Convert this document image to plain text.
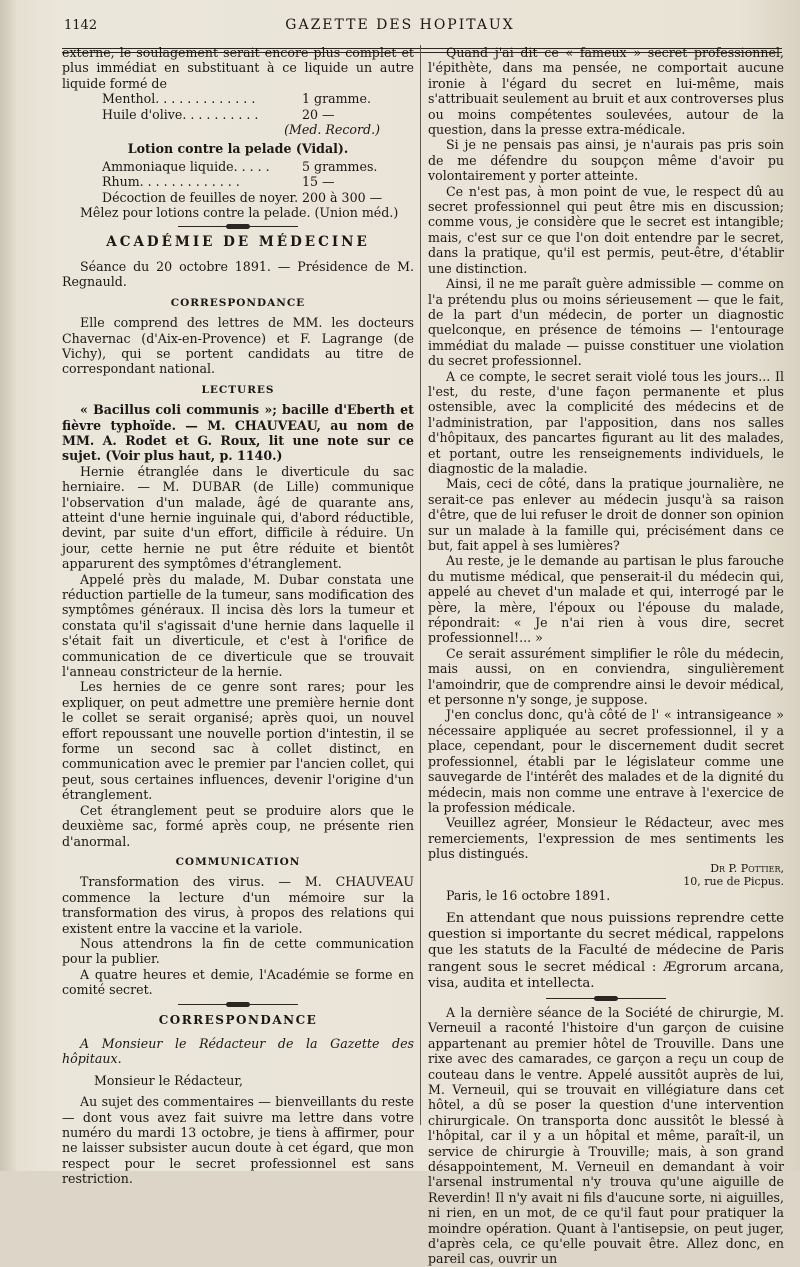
1142	GAZETTE DES HOPITAUX

externe, le soulagement serait encore plus complet et plus immédiat en substituant à ce liquide un autre liquide formé de

Menthol. . . . . . . . . . . . .	1 gramme.
Huile d'olive. . . . . . . . . .	20 —

(Med. Record.)

Lotion contre la pelade (Vidal).

Ammoniaque liquide. . . . .	5 grammes.
Rhum. . . . . . . . . . . . .	15 —
Décoction de feuilles de noyer. 200 à 300 —

Mêlez pour lotions contre la pelade. (Union méd.)

ACADÉMIE DE MÉDECINE

Séance du 20 octobre 1891. — Présidence de M. Regnauld.

CORRESPONDANCE

Elle comprend des lettres de MM. les docteurs Chavernac (d'Aix-en-Provence) et F. Lagrange (de Vichy), qui se portent candidats au titre de correspondant national.

LECTURES

« Bacillus coli communis »; bacille d'Eberth et fièvre typhoïde. — M. CHAUVEAU, au nom de MM. A. Rodet et G. Roux, lit une note sur ce sujet. (Voir plus haut, p. 1140.)

Hernie étranglée dans le diverticule du sac herniaire. — M. DUBAR (de Lille) communique l'observation d'un malade, âgé de quarante ans, atteint d'une hernie inguinale qui, d'abord réductible, devint, par suite d'un effort, difficile à réduire. Un jour, cette hernie ne put être réduite et bientôt apparurent des symptômes d'étranglement.

Appelé près du malade, M. Dubar constata une réduction partielle de la tumeur, sans modification des symptômes généraux. Il incisa dès lors la tumeur et constata qu'il s'agissait d'une hernie dans laquelle il s'était fait un diverticule, et c'est à l'orifice de communication de ce diverticule que se trouvait l'anneau constricteur de la hernie.

Les hernies de ce genre sont rares; pour les expliquer, on peut admettre une première hernie dont le collet se serait organisé; après quoi, un nouvel effort repoussant une nouvelle portion d'intestin, il se forme un second sac à collet distinct, en communication avec le premier par l'ancien collet, qui peut, sous certaines influences, devenir l'origine d'un étranglement.

Cet étranglement peut se produire alors que le deuxième sac, formé après coup, ne présente rien d'anormal.

COMMUNICATION

Transformation des virus. — M. CHAUVEAU commence la lecture d'un mémoire sur la transformation des virus, à propos des relations qui existent entre la vaccine et la variole.

Nous attendrons la fin de cette communication pour la publier.

A quatre heures et demie, l'Académie se forme en comité secret.

CORRESPONDANCE

A Monsieur le Rédacteur de la Gazette des hôpitaux.

Monsieur le Rédacteur,

Au sujet des commentaires — bienveillants du reste — dont vous avez fait suivre ma lettre dans votre numéro du mardi 13 octobre, je tiens à affirmer, pour ne laisser subsister aucun doute à cet égard, que mon respect pour le secret professionnel est sans restriction.

Quand j'ai dit ce « fameux » secret professionnel, l'épithète, dans ma pensée, ne comportait aucune ironie à l'égard du secret en lui-même, mais s'attribuait seulement au bruit et aux controverses plus ou moins compétentes soulevées, autour de la question, dans la presse extra-médicale.

Si je ne pensais pas ainsi, je n'aurais pas pris soin de me défendre du soupçon même d'avoir pu volontairement y porter atteinte.

Ce n'est pas, à mon point de vue, le respect dû au secret professionnel qui peut être mis en discussion; comme vous, je considère que le secret est intangible; mais, c'est sur ce que l'on doit entendre par le secret, dans la pratique, qu'il est permis, peut-être, d'établir une distinction.

Ainsi, il ne me paraît guère admissible — comme on l'a prétendu plus ou moins sérieusement — que le fait, de la part d'un médecin, de porter un diagnostic quelconque, en présence de témoins — l'entourage immédiat du malade — puisse constituer une violation du secret professionnel.

A ce compte, le secret serait violé tous les jours... Il l'est, du reste, d'une façon permanente et plus ostensible, avec la complicité des médecins et de l'administration, par l'apposition, dans nos salles d'hôpitaux, des pancartes figurant au lit des malades, et portant, outre les renseignements individuels, le diagnostic de la maladie.

Mais, ceci de côté, dans la pratique journalière, ne serait-ce pas enlever au médecin jusqu'à sa raison d'être, que de lui refuser le droit de donner son opinion sur un malade à la famille qui, précisément dans ce but, fait appel à ses lumières?

Au reste, je le demande au partisan le plus farouche du mutisme médical, que penserait-il du médecin qui, appelé au chevet d'un malade et qui, interrogé par le père, la mère, l'époux ou l'épouse du malade, répondrait: « Je n'ai rien à vous dire, secret professionnel!... »

Ce serait assurément simplifier le rôle du médecin, mais aussi, on en conviendra, singulièrement l'amoindrir, que de comprendre ainsi le devoir médical, et personne n'y songe, je suppose.

J'en conclus donc, qu'à côté de l' « intransigeance » nécessaire appliquée au secret professionnel, il y a place, cependant, pour le discernement dudit secret professionnel, établi par le législateur comme une sauvegarde de l'intérêt des malades et de la dignité du médecin, mais non comme une entrave à l'exercice de la profession médicale.

Veuillez agréer, Monsieur le Rédacteur, avec mes remerciements, l'expression de mes sentiments les plus distingués.

Dr P. Pottier,
10, rue de Picpus.

Paris, le 16 octobre 1891.

En attendant que nous puissions reprendre cette question si importante du secret médical, rappelons que les statuts de la Faculté de médecine de Paris rangent sous le secret médical : Ægrorum arcana, visa, audita et intellecta.

A la dernière séance de la Société de chirurgie, M. Verneuil a raconté l'histoire d'un garçon de cuisine appartenant au premier hôtel de Trouville. Dans une rixe avec des camarades, ce garçon a reçu un coup de couteau dans le ventre. Appelé aussitôt auprès de lui, M. Verneuil, qui se trouvait en villégiature dans cet hôtel, a dû se poser la question d'une intervention chirurgicale. On transporta donc aussitôt le blessé à l'hôpital, car il y a un hôpital et même, paraît-il, un service de chirurgie à Trouville; mais, à son grand désappointement, M. Verneuil en demandant à voir l'arsenal instrumental n'y trouva qu'une aiguille de Reverdin! Il n'y avait ni fils d'aucune sorte, ni aiguilles, ni rien, en un mot, de ce qu'il faut pour pratiquer la moindre opération. Quant à l'antisepsie, on peut juger, d'après cela, ce qu'elle pouvait être. Allez donc, en pareil cas, ouvrir un
